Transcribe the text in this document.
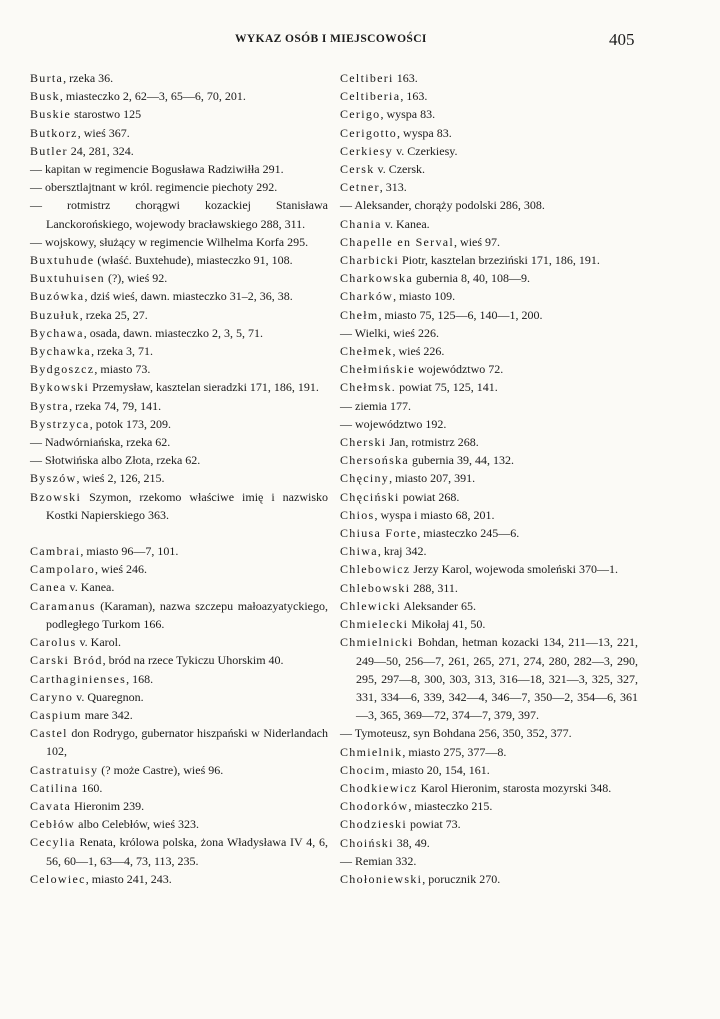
WYKAZ OSÓB I MIEJSCOWOŚCI	405
Burta, rzeka 36.
Busk, miasteczko 2, 62—3, 65—6, 70, 201.
Buskie starostwo 125
Butkorz, wieś 367.
Butler 24, 281, 324.
— kapitan w regimencie Bogusława Radziwiłła 291.
— obersztlajtnant w król. regimencie piechoty 292.
— rotmistrz chorągwi kozackiej Stanisława Lanckorońskiego, wojewody bracławskiego 288, 311.
— wojskowy, służący w regimencie Wilhelma Korfa 295.
Buxtuhude (właść. Buxtehude), miasteczko 91, 108.
Buxtuhuisen (?), wieś 92.
Buzówka, dziś wieś, dawn. miasteczko 31–2, 36, 38.
Buzułuk, rzeka 25, 27.
Bychawa, osada, dawn. miasteczko 2, 3, 5, 71.
Bychawka, rzeka 3, 71.
Bydgoszcz, miasto 73.
Bykowski Przemysław, kasztelan sieradzki 171, 186, 191.
Bystra, rzeka 74, 79, 141.
Bystrzyca, potok 173, 209.
— Nadwórniańska, rzeka 62.
— Słotwińska albo Złota, rzeka 62.
Byszów, wieś 2, 126, 215.
Bzowski Szymon, rzekomo właściwe imię i nazwisko Kostki Napierskiego 363.
Cambrai, miasto 96—7, 101.
Campolaro, wieś 246.
Canea v. Kanea.
Caramanus (Karaman), nazwa szczepu małoazyatyckiego, podległego Turkom 166.
Carolus v. Karol.
Carski Bród, bród na rzece Tykiczu Uhorskim 40.
Carthaginienses, 168.
Caryno v. Quaregnon.
Caspium mare 342.
Castel don Rodrygo, gubernator hiszpański w Niderlandach 102,
Castratuisy (? może Castre), wieś 96.
Catilina 160.
Cavata Hieronim 239.
Cebłów albo Celebłów, wieś 323.
Cecylia Renata, królowa polska, żona Władysława IV 4, 6, 56, 60—1, 63—4, 73, 113, 235.
Celowiec, miasto 241, 243.
Celtiberi 163.
Celtiberia, 163.
Cerigo, wyspa 83.
Cerigotto, wyspa 83.
Cerkiesy v. Czerkiesy.
Cersk v. Czersk.
Cetner, 313.
— Aleksander, chorąży podolski 286, 308.
Chania v. Kanea.
Chapelle en Serval, wieś 97.
Charbicki Piotr, kasztelan brzeziński 171, 186, 191.
Charkowska gubernia 8, 40, 108—9.
Charków, miasto 109.
Chełm, miasto 75, 125—6, 140—1, 200.
— Wielki, wieś 226.
Chełmek, wieś 226.
Chełmińskie województwo 72.
Chełmsk. powiat 75, 125, 141.
— ziemia 177.
— województwo 192.
Cherski Jan, rotmistrz 268.
Chersońska gubernia 39, 44, 132.
Chęciny, miasto 207, 391.
Chęciński powiat 268.
Chios, wyspa i miasto 68, 201.
Chiusa Forte, miasteczko 245—6.
Chiwa, kraj 342.
Chlebowicz Jerzy Karol, wojewoda smoleński 370—1.
Chlebowski 288, 311.
Chlewicki Aleksander 65.
Chmielecki Mikołaj 41, 50.
Chmielnicki Bohdan, hetman kozacki 134, 211—13, 221, 249—50, 256—7, 261, 265, 271, 274, 280, 282—3, 290, 295, 297—8, 300, 303, 313, 316—18, 321—3, 325, 327, 331, 334—6, 339, 342—4, 346—7, 350—2, 354—6, 361—3, 365, 369—72, 374—7, 379, 397.
— Tymoteusz, syn Bohdana 256, 350, 352, 377.
Chmielnik, miasto 275, 377—8.
Chocim, miasto 20, 154, 161.
Chodkiewicz Karol Hieronim, starosta mozyrski 348.
Chodorków, miasteczko 215.
Chodzieski powiat 73.
Choiński 38, 49.
— Remian 332.
Chołoniewski, porucznik 270.
